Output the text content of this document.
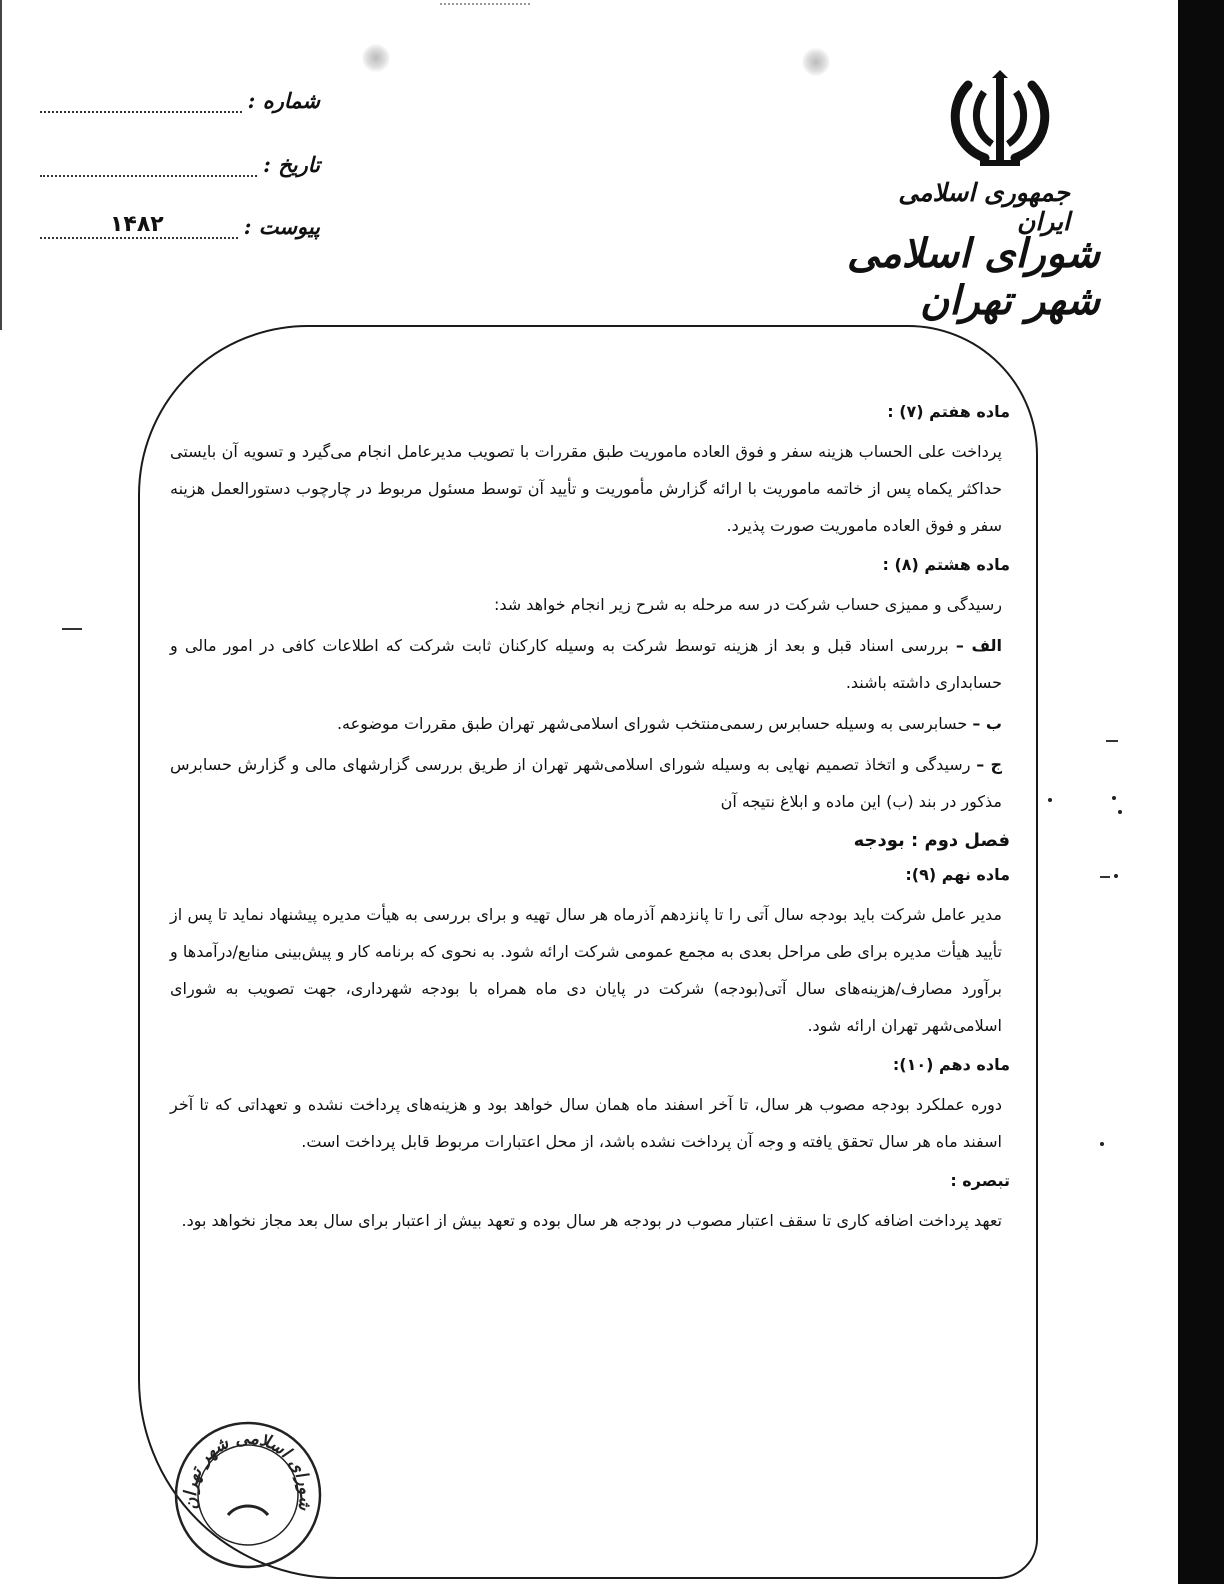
جمهوری اسلامی ایران
شورای اسلامی شهر تهران
شماره :
تاریخ :
پیوست :
۱۴۸۲

ماده هفتم (۷) :

پرداخت علی الحساب هزینه سفر و فوق العاده ماموریت طبق مقررات با تصویب مدیرعامل انجام می‌گیرد و تسویه آن بایستی حداکثر یکماه پس از خاتمه ماموریت با ارائه گزارش مأموریت و تأیید آن توسط مسئول مربوط در چارچوب دستورالعمل هزینه سفر و فوق العاده ماموریت صورت پذیرد.

ماده هشتم (۸) :

رسیدگی و ممیزی حساب شرکت در سه مرحله به شرح زیر انجام خواهد شد:

الف – بررسی اسناد قبل و بعد از هزینه توسط شرکت به وسیله کارکنان ثابت شرکت که اطلاعات کافی در امور مالی و حسابداری داشته باشند.

ب – حسابرسی به وسیله حسابرس رسمی‌منتخب شورای اسلامی‌شهر تهران طبق مقررات موضوعه.

ج – رسیدگی و اتخاذ تصمیم نهایی به وسیله شورای اسلامی‌شهر تهران از طریق بررسی گزارشهای مالی و گزارش حسابرس مذکور در بند (ب) این ماده و ابلاغ نتیجه آن

فصل دوم : بودجه

ماده نهم (۹):

مدیر عامل شرکت باید بودجه سال آتی را تا پانزدهم آذرماه هر سال تهیه و برای بررسی به هیأت مدیره پیشنهاد نماید تا پس از تأیید هیأت مدیره برای طی مراحل بعدی به مجمع عمومی شرکت ارائه شود. به نحوی که برنامه کار و پیش‌بینی منابع/درآمدها و برآورد مصارف/هزینه‌های سال آتی(بودجه) شرکت در پایان دی ماه همراه با بودجه شهرداری، جهت تصویب به شورای اسلامی‌شهر تهران ارائه شود.

ماده دهم (۱۰):

دوره عملکرد بودجه مصوب هر سال، تا آخر اسفند ماه همان سال خواهد بود و هزینه‌های پرداخت نشده و تعهداتی که تا آخر اسفند ماه هر سال تحقق یافته و وجه آن پرداخت نشده باشد، از محل اعتبارات مربوط قابل پرداخت است.

تبصره :

تعهد پرداخت اضافه کاری تا سقف اعتبار مصوب در بودجه هر سال بوده و تعهد بیش از اعتبار برای سال بعد مجاز نخواهد بود.

شورای اسلامی شهر تهران
